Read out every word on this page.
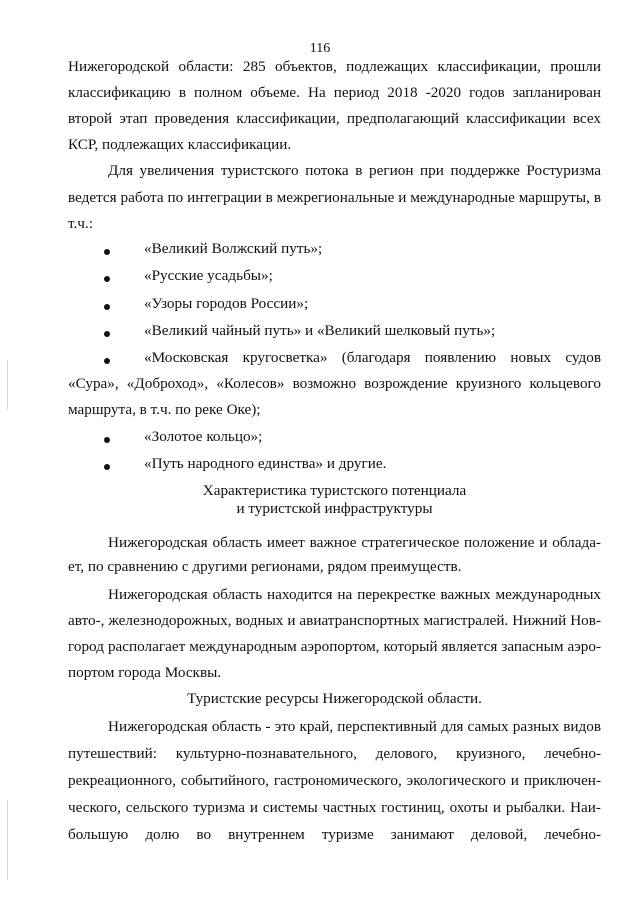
116
Нижегородской области: 285 объектов, подлежащих классификации, прошли
классификацию в полном объеме. На период 2018 -2020 годов запланирован
второй этап проведения классификации, предполагающий классификации всех
КСР, подлежащих классификации.
Для увеличения туристского потока в регион при поддержке Ростуризма
ведется работа по интеграции в межрегиональные и международные маршруты, в
т.ч.:
«Великий Волжский путь»;
«Русские усадьбы»;
«Узоры городов России»;
«Великий чайный путь» и «Великий шелковый путь»;
«Московская кругосветка» (благодаря появлению новых судов
«Сура», «Доброход», «Колесов» возможно возрождение круизного кольцевого
маршрута, в т.ч. по реке Оке);
«Золотое кольцо»;
«Путь народного единства» и другие.
Характеристика туристского потенциала
и туристской инфраструктуры
Нижегородская область имеет важное стратегическое положение и облада-
ет, по сравнению с другими регионами, рядом преимуществ.
Нижегородская область находится на перекрестке важных международных
авто-, железнодорожных, водных и авиатранспортных магистралей. Нижний Нов-
город располагает международным аэропортом, который является запасным аэро-
портом города Москвы.
Туристские ресурсы Нижегородской области.
Нижегородская область - это край, перспективный для самых разных видов
путешествий: культурно-познавательного, делового, круизного, лечебно-
рекреационного, событийного, гастрономического, экологического и приключен-
ческого, сельского туризма и системы частных гостиниц, охоты и рыбалки. Наи-
большую долю во внутреннем туризме занимают деловой, лечебно-
